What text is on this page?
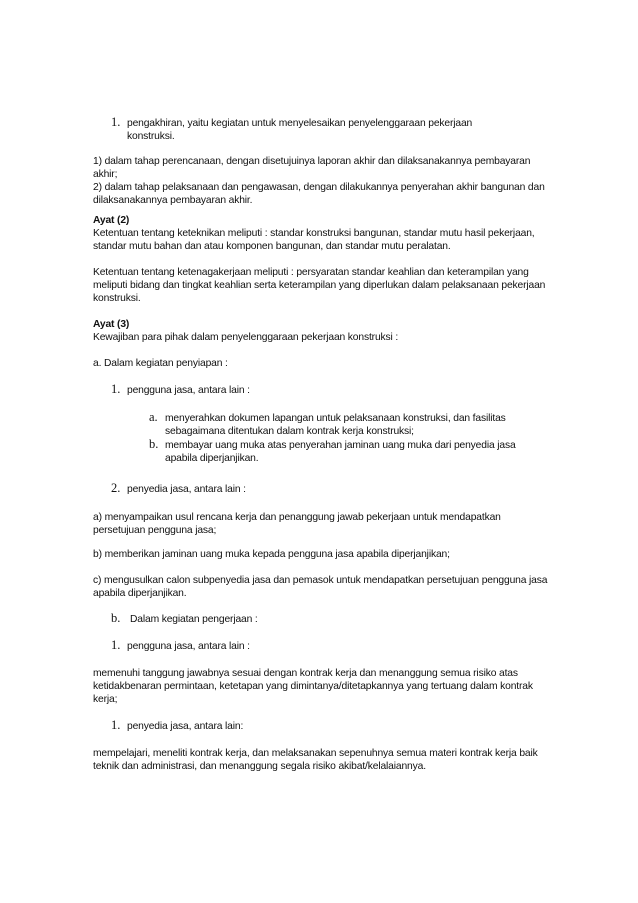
1. pengakhiran, yaitu kegiatan untuk menyelesaikan penyelenggaraan pekerjaan konstruksi.

1) dalam tahap perencanaan, dengan disetujuinya laporan akhir dan dilaksanakannya pembayaran akhir;
2) dalam tahap pelaksanaan dan pengawasan, dengan dilakukannya penyerahan akhir bangunan dan dilaksanakannya pembayaran akhir.
Ayat (2)
Ketentuan tentang keteknikan meliputi : standar konstruksi bangunan, standar mutu hasil pekerjaan, standar mutu bahan dan atau komponen bangunan, dan standar mutu peralatan.

Ketentuan tentang ketenagakerjaan meliputi : persyaratan standar keahlian dan keterampilan yang meliputi bidang dan tingkat keahlian serta keterampilan yang diperlukan dalam pelaksanaan pekerjaan konstruksi.

Ayat (3)
Kewajiban para pihak dalam penyelenggaraan pekerjaan konstruksi :

a. Dalam kegiatan penyiapan :

1. pengguna jasa, antara lain :

a. menyerahkan dokumen lapangan untuk pelaksanaan konstruksi, dan fasilitas sebagaimana ditentukan dalam kontrak kerja konstruksi;

b. membayar uang muka atas penyerahan jaminan uang muka dari penyedia jasa apabila diperjanjikan.

2. penyedia jasa, antara lain :

a) menyampaikan usul rencana kerja dan penanggung jawab pekerjaan untuk mendapatkan persetujuan pengguna jasa;

b) memberikan jaminan uang muka kepada pengguna jasa apabila diperjanjikan;

c) mengusulkan calon subpenyedia jasa dan pemasok untuk mendapatkan persetujuan pengguna jasa apabila diperjanjikan.

b. Dalam kegiatan pengerjaan :

1. pengguna jasa, antara lain :

memenuhi tanggung jawabnya sesuai dengan kontrak kerja dan menanggung semua risiko atas ketidakbenaran permintaan, ketetapan yang dimintanya/ditetapkannya yang tertuang dalam kontrak kerja;

1. penyedia jasa, antara lain:

mempelajari, meneliti kontrak kerja, dan melaksanakan sepenuhnya semua materi kontrak kerja baik teknik dan administrasi, dan menanggung segala risiko akibat/kelalaiannya.
